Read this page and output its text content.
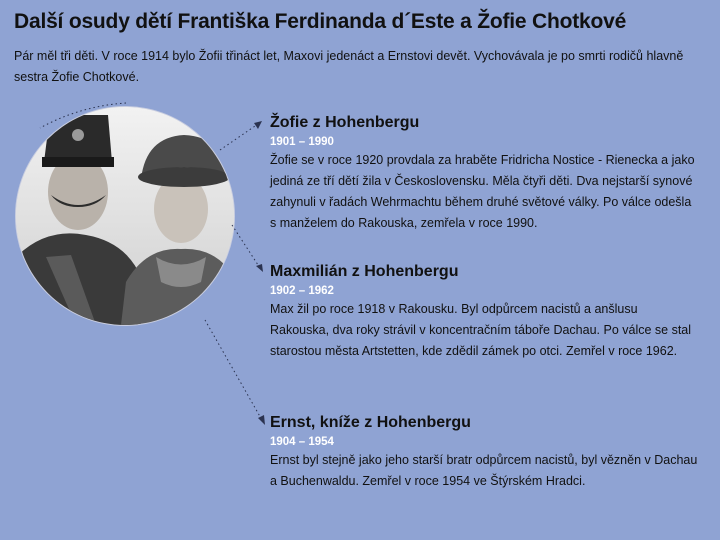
Další osudy dětí Františka Ferdinanda d´Este a Žofie Chotkové
Pár měl tři děti. V roce 1914 bylo Žofii třináct let, Maxovi jedenáct a Ernstovi devět. Vychovávala je po smrti rodičů hlavně sestra Žofie Chotkové.
Žofie z Hohenbergu
1901 – 1990
Žofie se v roce 1920 provdala za hraběte Fridricha Nostice - Rienecka a jako jediná ze tří dětí žila v Československu. Měla čtyři děti. Dva nejstarší synové zahynuli v řadách Wehrmachtu během druhé světové války. Po válce odešla s manželem do Rakouska, zemřela v roce 1990.
Maxmilián z Hohenbergu
1902 – 1962
Max žil po roce 1918 v Rakousku. Byl odpůrcem nacistů a anšlusu Rakouska, dva roky strávil v koncentračním táboře Dachau. Po válce se stal starostou města Artstetten, kde zdědil zámek po otci. Zemřel v roce 1962.
Ernst, kníže z Hohenbergu
1904 – 1954
Ernst byl stejně jako jeho starší bratr odpůrcem nacistů, byl vězněn v Dachau a Buchenwaldu. Zemřel v roce 1954 ve Štýrském Hradci.
